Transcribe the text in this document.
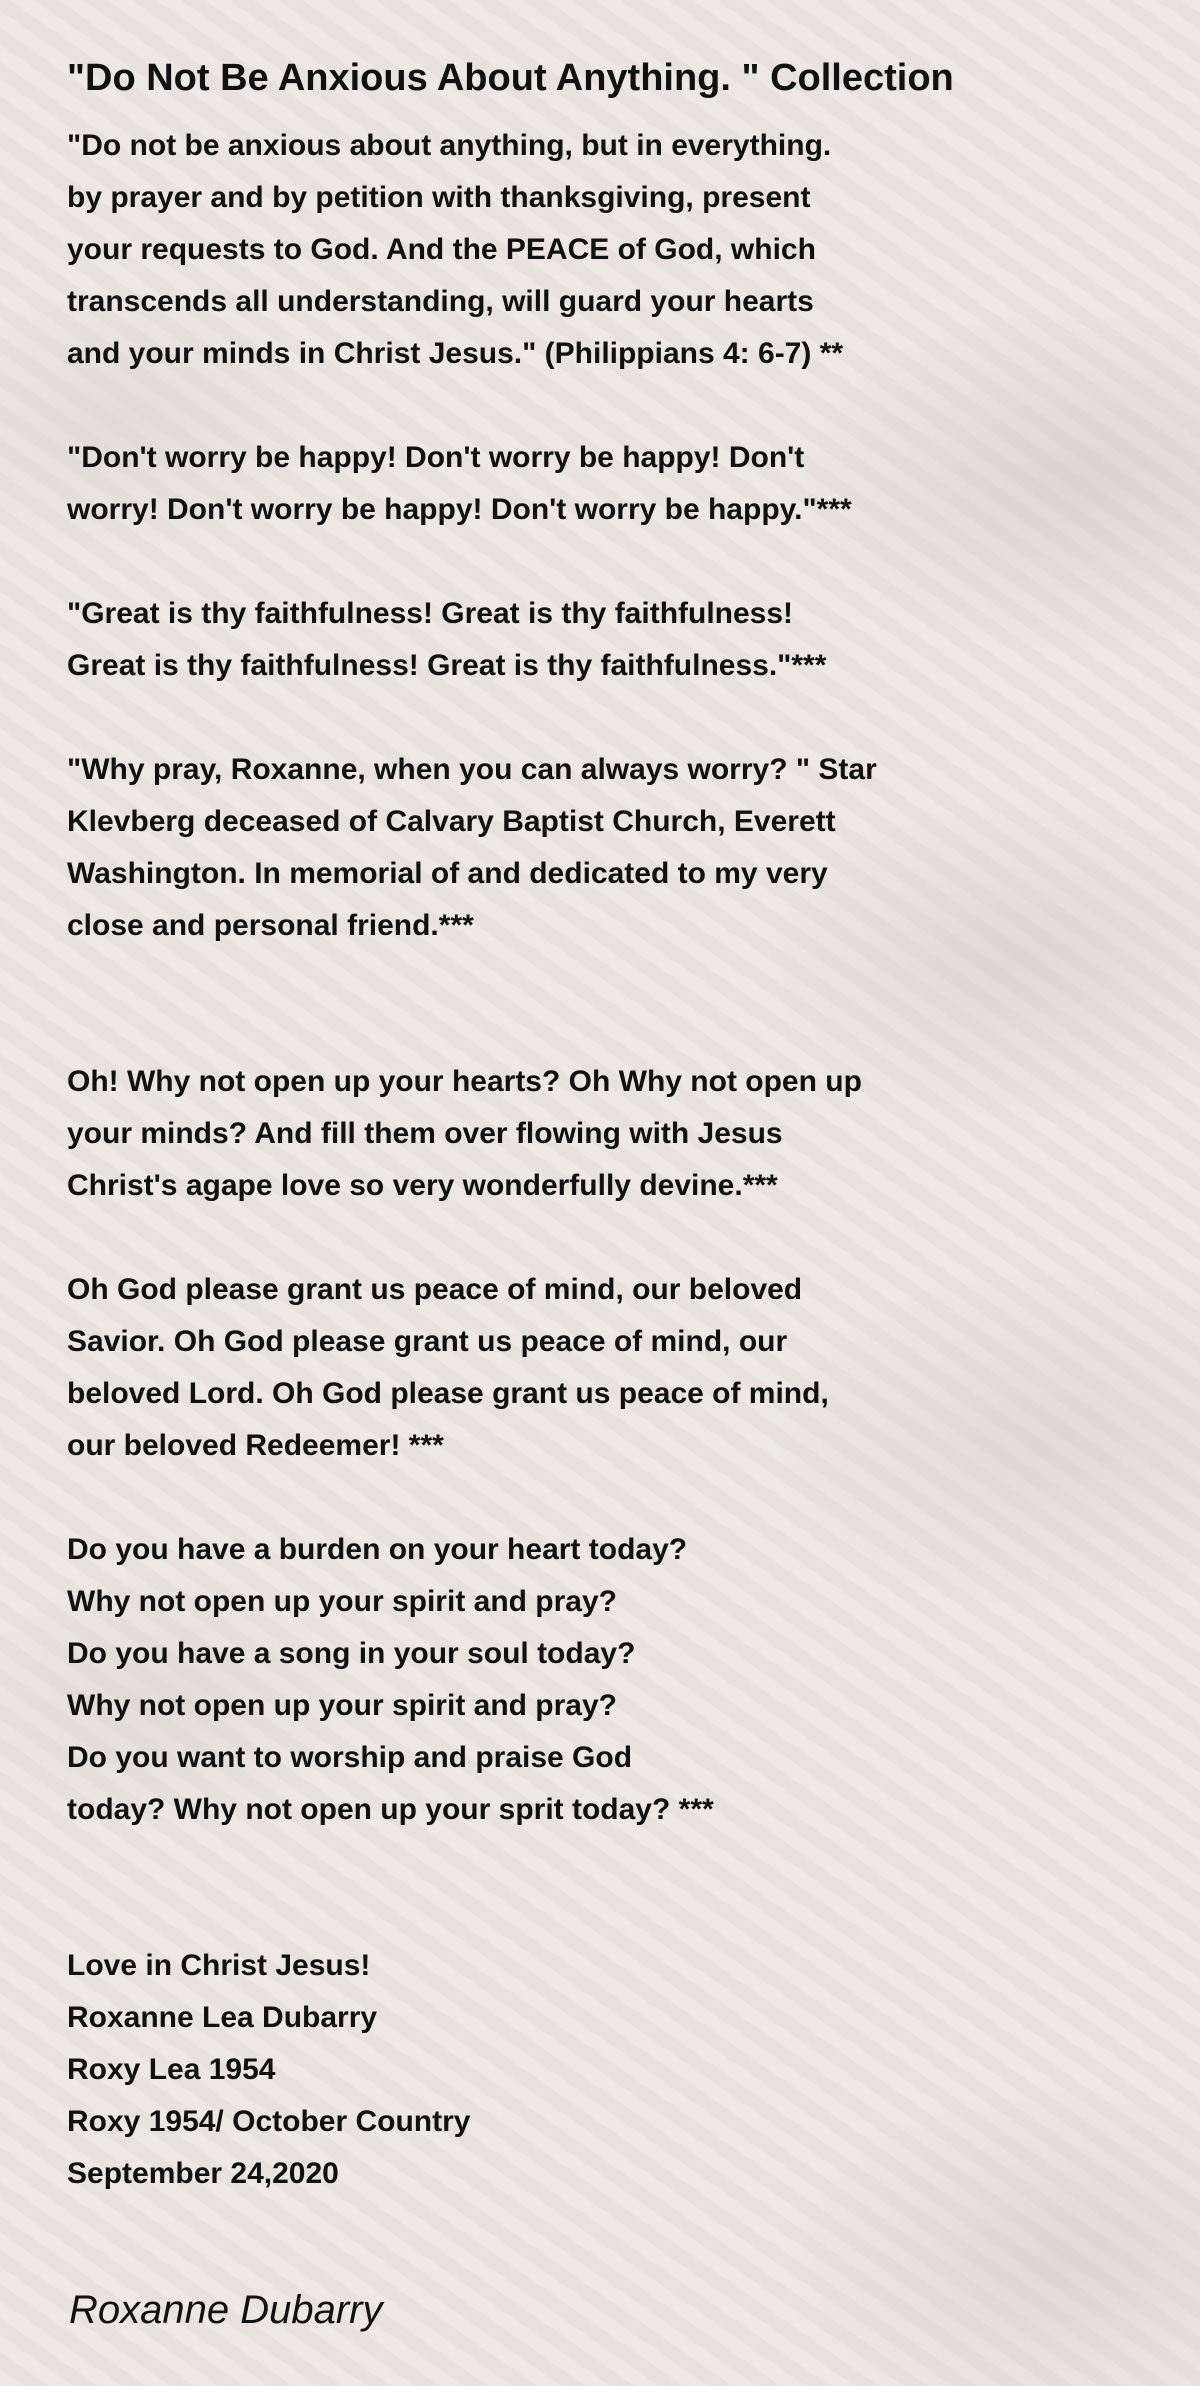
"Do Not Be Anxious About Anything. " Collection
"Do not be anxious about anything, but in everything.
by prayer and by petition with thanksgiving, present
your requests to God. And the PEACE of God, which
transcends all understanding, will guard your hearts
and your minds in Christ Jesus." (Philippians 4: 6-7) **
"Don't worry be happy! Don't worry be happy! Don't
worry! Don't worry be happy! Don't worry be happy."***
"Great is thy faithfulness! Great is thy faithfulness!
Great is thy faithfulness! Great is thy faithfulness."***
"Why pray, Roxanne, when you can always worry? " Star
Klevberg deceased of Calvary Baptist Church, Everett
Washington. In memorial of and dedicated to my very
close and personal friend.***
Oh! Why not open up your hearts? Oh Why not open up
your minds? And fill them over flowing with Jesus
Christ's agape love so very wonderfully devine.***
Oh God please grant us peace of mind, our beloved
Savior. Oh God please grant us peace of mind, our
beloved Lord. Oh God please grant us peace of mind,
our beloved Redeemer! ***
Do you have a burden on your heart today?
Why not open up your spirit and pray?
Do you have a song in your soul today?
Why not open up your spirit and pray?
Do you want to worship and praise God
today? Why not open up your sprit today? ***
Love in Christ Jesus!
Roxanne Lea Dubarry
Roxy Lea 1954
Roxy 1954/ October Country
September 24,2020
Roxanne Dubarry
